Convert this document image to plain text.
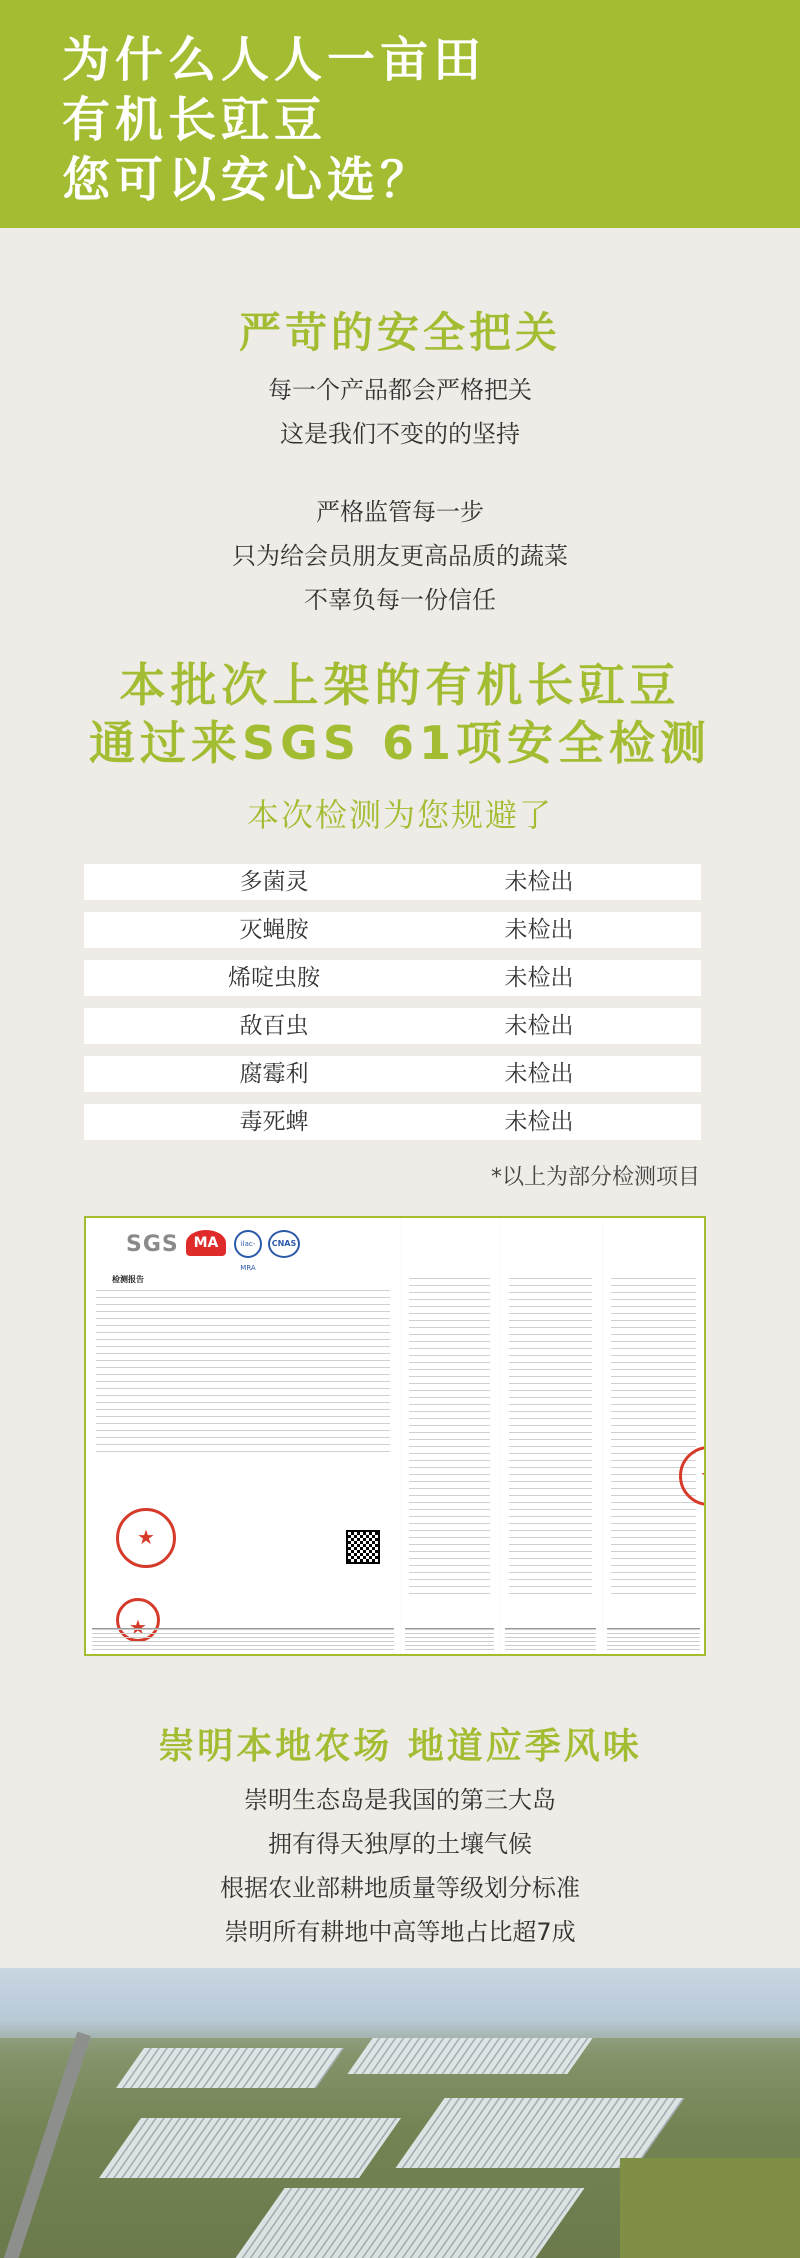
为什么人人一亩田
有机长豇豆
您可以安心选？
严苛的安全把关
每一个产品都会严格把关
这是我们不变的的坚持
严格监管每一步
只为给会员朋友更高品质的蔬菜
不辜负每一份信任
本批次上架的有机长豇豆
通过来SGS 61项安全检测
本次检测为您规避了
多菌灵	未检出
灭蝇胺	未检出
烯啶虫胺	未检出
敌百虫	未检出
腐霉利	未检出
毒死蜱	未检出
*以上为部分检测项目
★
SGS	MA	ilac-MRA
CNAS
检测报告
★
★
崇明本地农场 地道应季风味
崇明生态岛是我国的第三大岛
拥有得天独厚的土壤气候
根据农业部耕地质量等级划分标准
崇明所有耕地中高等地占比超7成
